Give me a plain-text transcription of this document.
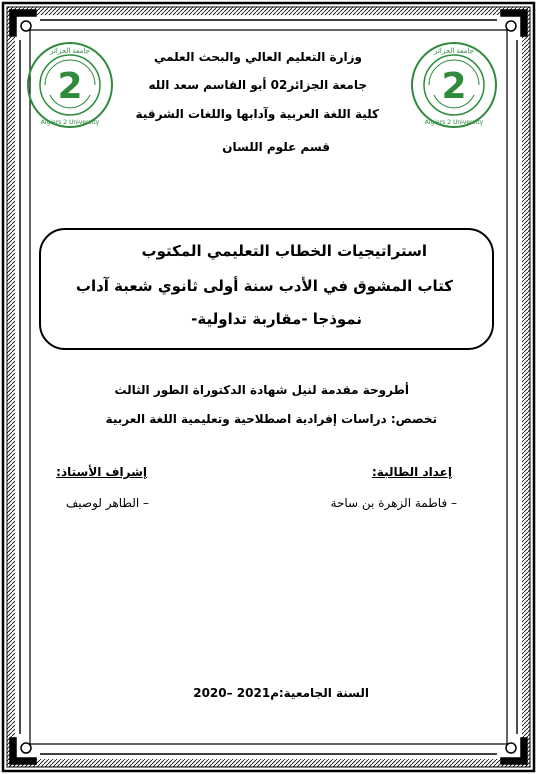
2
جامعة الجزائر
Algiers 2 University
2
جامعة الجزائر
Algiers 2 University
وزارة التعليم العالي والبحث العلمي
جامعة الجزائر02 أبو القاسم سعد الله
كلية اللغة العربية وآدابها واللغات الشرقية
قسم علوم اللسان
استراتيجيات الخطاب التعليمي المكتوب
كتاب المشوق في الأدب سنة أولى ثانوي شعبة آداب
نموذجا -مقاربة تداولية-
أطروحة مقدمة لنيل شهادة الدكتوراة الطور الثالث
تخصص: دراسات إفرادية اصطلاحية وتعليمية اللغة العربية
إعداد الطالبة:
– فاطمة الزهرة بن ساحة
إشراف الأستاذ:
– الطاهر لوصيف
السنة الجامعية:
2020– 2021م
